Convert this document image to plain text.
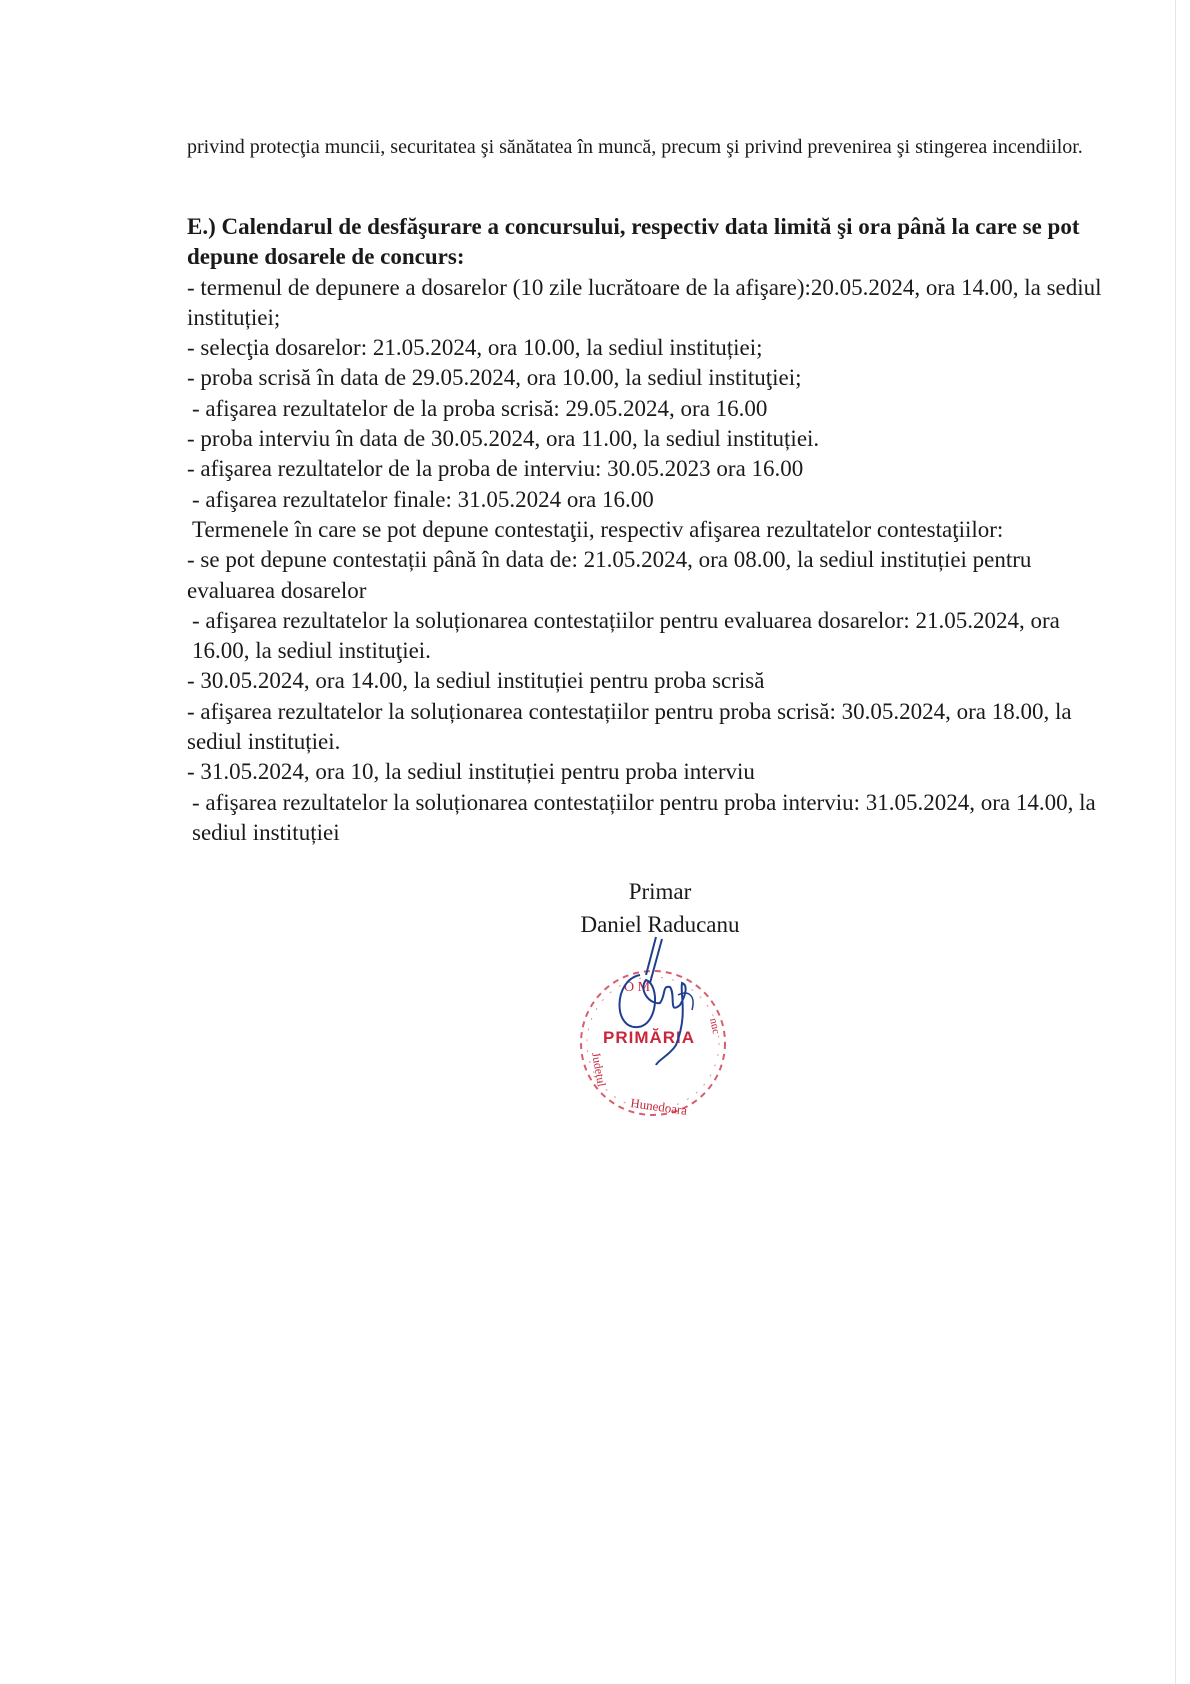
privind protecţia muncii, securitatea şi sănătatea în muncă, precum şi privind prevenirea şi stingerea incendiilor.

E.) Calendarul de desfăşurare a concursului, respectiv data limită şi ora până la care se pot depune dosarele de concurs:

- termenul de depunere a dosarelor (10 zile lucrătoare de la afişare):20.05.2024, ora 14.00, la sediul instituției;

- selecţia dosarelor: 21.05.2024, ora 10.00, la sediul instituției;

- proba scrisă în data de 29.05.2024, ora 10.00, la sediul instituţiei;

- afişarea rezultatelor de la proba scrisă: 29.05.2024, ora 16.00

- proba interviu în data de 30.05.2024, ora 11.00, la sediul instituției.

- afişarea rezultatelor de la proba de interviu: 30.05.2023 ora 16.00

- afişarea rezultatelor finale: 31.05.2024 ora 16.00

Termenele în care se pot depune contestaţii, respectiv afişarea rezultatelor contestaţiilor:

- se pot depune contestații până în data de: 21.05.2024, ora 08.00, la sediul instituției pentru evaluarea dosarelor

- afişarea rezultatelor la soluționarea contestațiilor pentru evaluarea dosarelor: 21.05.2024, ora 16.00, la sediul instituţiei.

- 30.05.2024, ora 14.00, la sediul instituției pentru proba scrisă

- afişarea rezultatelor la soluționarea contestațiilor pentru proba scrisă: 30.05.2024, ora 18.00, la sediul instituției.

- 31.05.2024, ora 10, la sediul instituției pentru proba interviu

- afişarea rezultatelor la soluționarea contestațiilor pentru proba interviu: 31.05.2024, ora 14.00, la sediul instituției

Primar
Daniel Raducanu
O M
Județul
Hunedoara
nuc
PRIMĂRIA
